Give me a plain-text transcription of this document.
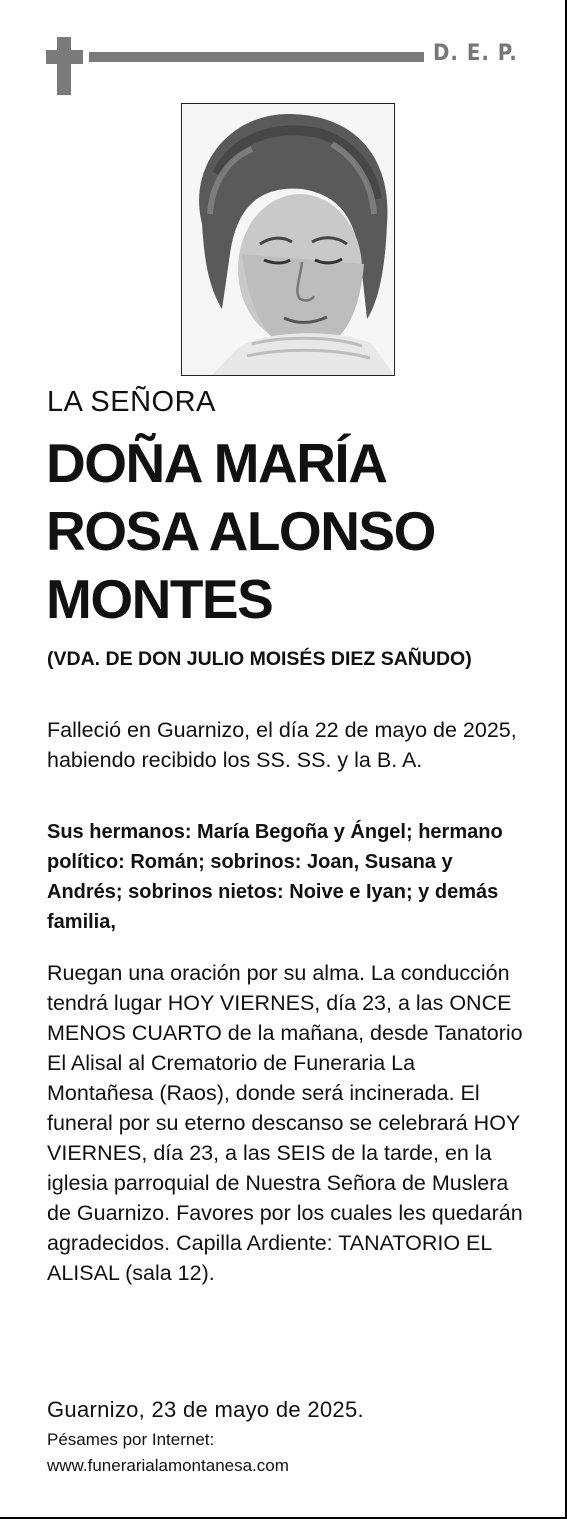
D. E. P.
LA SEÑORA
DOÑA MARÍA
ROSA ALONSO
MONTES
(VDA. DE DON JULIO MOISÉS DIEZ SAÑUDO)
Falleció en Guarnizo, el día 22 de mayo de 2025, habiendo recibido los SS. SS. y la B. A.
Sus hermanos: María Begoña y Ángel; hermano político: Román; sobrinos: Joan, Susana y Andrés; sobrinos nietos: Noive e Iyan; y demás familia,
Ruegan una oración por su alma. La conducción tendrá lugar HOY VIERNES, día 23, a las ONCE MENOS CUARTO de la mañana, desde Tanatorio El Alisal al Crematorio de Funeraria La Montañesa (Raos), donde será incinerada. El funeral por su eterno descanso se celebrará HOY VIERNES, día 23, a las SEIS de la tarde, en la iglesia parroquial de Nuestra Señora de Muslera de Guarnizo. Favores por los cuales les quedarán agradecidos. Capilla Ardiente: TANATORIO EL ALISAL (sala 12).
Guarnizo, 23 de mayo de 2025.
Pésames por Internet:
www.funerarialamontanesa.com
